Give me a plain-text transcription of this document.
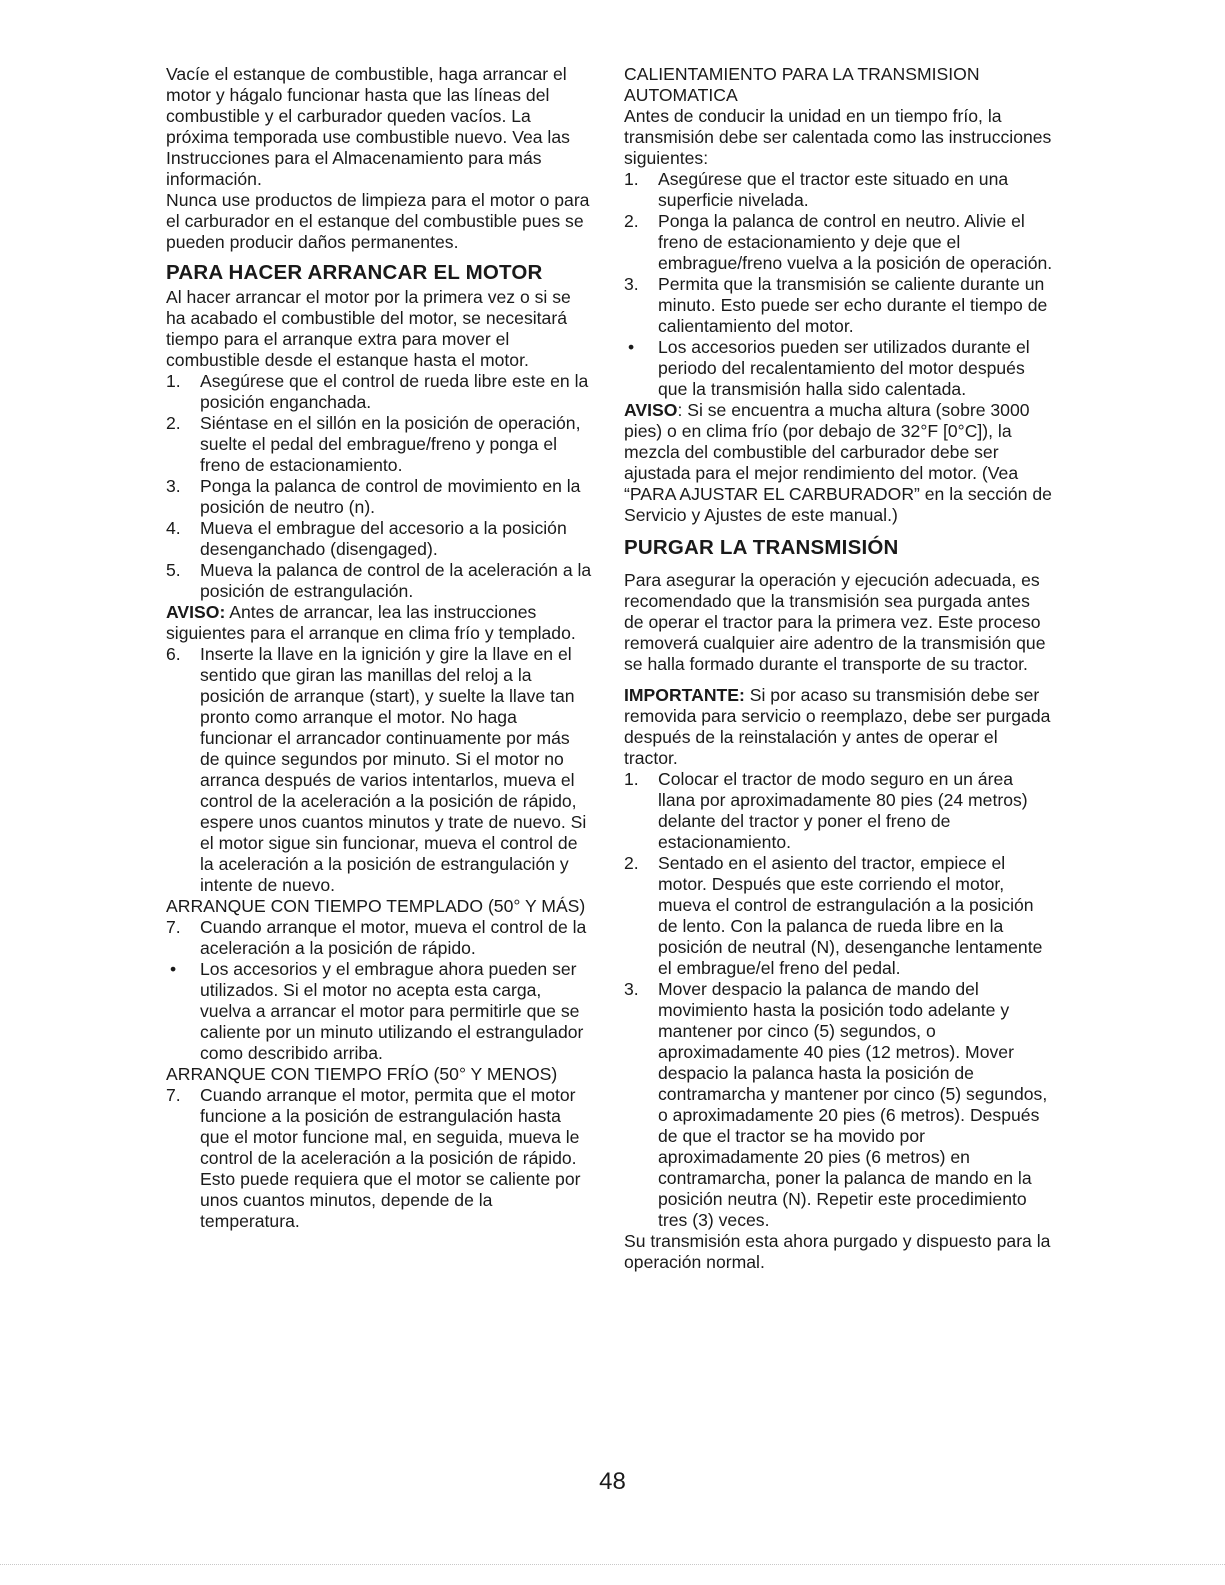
Vacíe el estanque de combustible, haga arrancar el motor y hágalo funcionar hasta que las líneas del combustible y el carburador queden vacíos. La próxima temporada use combustible nuevo. Vea las Instrucciones para el Almacenamiento para más información.

Nunca use productos de limpieza para el motor o para el carburador en el estanque del combustible pues se pueden producir daños permanentes.

PARA HACER ARRANCAR EL MOTOR

Al hacer arrancar el motor por la primera vez o si se ha acabado el combustible del motor, se necesitará tiempo para el arranque extra para mover el combustible desde el estanque hasta el motor.

1.	Asegúrese que el control de rueda libre este en la posición enganchada.
2.	Siéntase en el sillón en la posición de operación, suelte el pedal del embrague/freno y ponga el freno de estacionamiento.
3.	Ponga la palanca de control de movimiento en la posición de neutro (n).
4.	Mueva el embrague del accesorio a la posición desenganchado (disengaged).
5.	Mueva la palanca de control de la aceleración a la posición de estrangulación.

AVISO: Antes de arrancar, lea las instrucciones siguientes para el arranque en clima frío y templado.

6.	Inserte la llave en la ignición y gire la llave en el sentido que giran las manillas del reloj a la posición de arranque (start), y suelte la llave tan pronto como arranque el motor. No haga funcionar el arrancador continuamente por más de quince segundos por minuto. Si el motor no arranca después de varios intentarlos, mueva el control de la aceleración a la posición de rápido, espere unos cuantos minutos y trate de nuevo. Si el motor sigue sin funcionar, mueva el control de la aceleración a la posición de estrangulación y intente de nuevo.

ARRANQUE CON TIEMPO TEMPLADO (50° Y MÁS)

7.	Cuando arranque el motor, mueva el control de la aceleración a la posición de rápido.
•	Los accesorios y el embrague ahora pueden ser utilizados. Si el motor no acepta esta carga, vuelva a arrancar el motor para permitirle que se caliente por un minuto utilizando el estrangulador como describido arriba.

ARRANQUE CON TIEMPO FRÍO (50° Y MENOS)

7.	Cuando arranque el motor, permita que el motor funcione a la posición de estrangulación hasta que el motor funcione mal, en seguida, mueva le control de la aceleración a la posición de rápido. Esto puede requiera que el motor se caliente por unos cuantos minutos, depende de la temperatura.

CALIENTAMIENTO PARA LA TRANSMISION AUTOMATICA

Antes de conducir la unidad en un tiempo frío, la transmisión debe ser calentada como las instrucciones siguientes:

1.	Asegúrese que el tractor este situado en una superficie nivelada.
2.	Ponga la palanca de control en neutro. Alivie el freno de estacionamiento y deje que el embrague/freno vuelva a la posición de operación.
3.	Permita que la transmisión se caliente durante un minuto. Esto puede ser echo durante el tiempo de calientamiento del motor.
•	Los accesorios pueden ser utilizados durante el periodo del recalentamiento del motor después que la transmisión halla sido calentada.

AVISO: Si se encuentra a mucha altura (sobre 3000 pies) o en clima frío (por debajo de 32°F [0°C]), la mezcla del combustible del carburador debe ser ajustada para el mejor rendimiento del motor. (Vea “PARA AJUSTAR EL CARBURADOR” en la sección de Servicio y Ajustes de este manual.)

PURGAR LA TRANSMISIÓN

Para asegurar la operación y ejecución adecuada, es recomendado que la transmisión sea purgada antes de operar el tractor para la primera vez. Este proceso removerá cualquier aire adentro de la transmisión que se halla formado durante el transporte de su tractor.

IMPORTANTE: Si por acaso su transmisión debe ser removida para servicio o reemplazo, debe ser purgada después de la reinstalación y antes de operar el tractor.

1.	Colocar el tractor de modo seguro en un área llana por aproximadamente 80 pies (24 metros) delante del tractor y poner el freno de estacionamiento.
2.	Sentado en el asiento del tractor, empiece el motor. Después que este corriendo el motor, mueva el control de estrangulación a la posición de lento. Con la palanca de rueda libre en la posición de neutral (N), desenganche lentamente el embrague/el freno del pedal.
3.	Mover despacio la palanca de mando del movimiento hasta la posición todo adelante y mantener por cinco (5) segundos, o aproximadamente 40 pies (12 metros). Mover despacio la palanca hasta la posición de contramarcha y mantener por cinco (5) segundos, o aproximadamente 20 pies (6 metros). Después de que el tractor se ha movido por aproximadamente 20 pies (6 metros) en contramarcha, poner la palanca de mando en la posición neutra (N). Repetir este procedimiento tres (3) veces.

Su transmisión esta ahora purgado y dispuesto para la operación normal.

48
